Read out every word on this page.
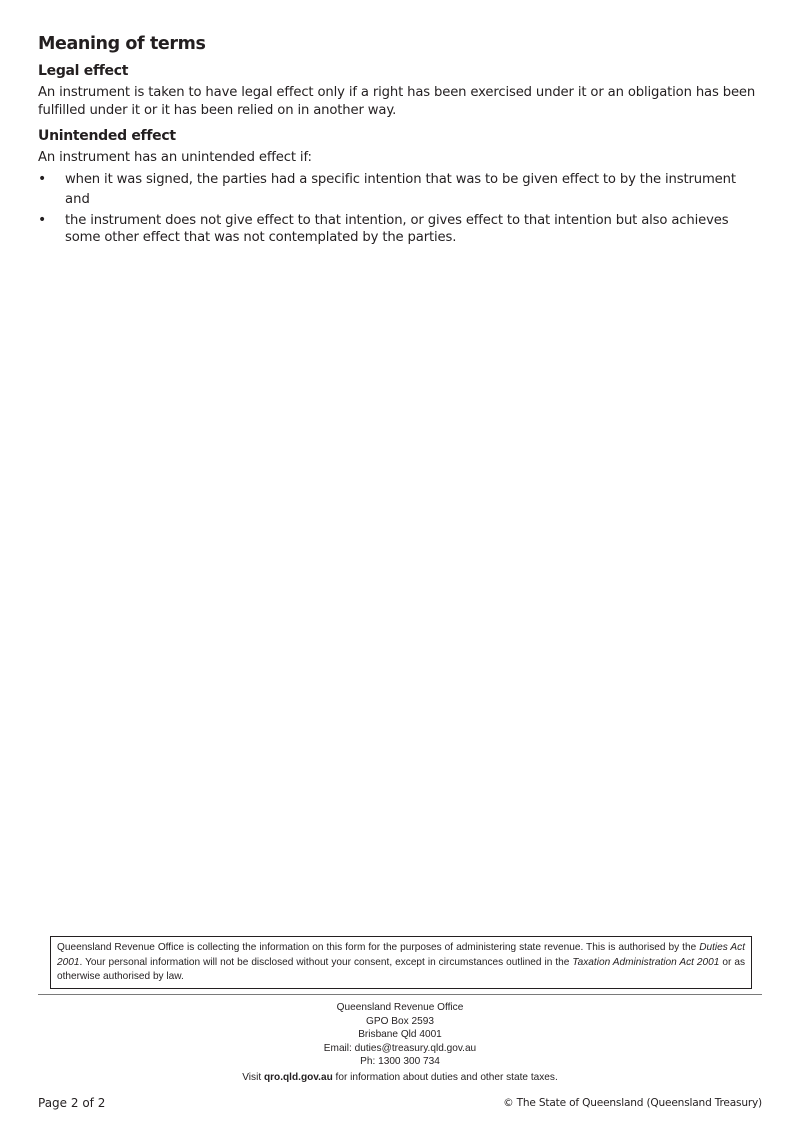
Meaning of terms
Legal effect

An instrument is taken to have legal effect only if a right has been exercised under it or an obligation has been fulfilled under it or it has been relied on in another way.

Unintended effect

An instrument has an unintended effect if:

• when it was signed, the parties had a specific intention that was to be given effect to by the instrument
and
• the instrument does not give effect to that intention, or gives effect to that intention but also achieves some other effect that was not contemplated by the parties.
Queensland Revenue Office is collecting the information on this form for the purposes of administering state revenue. This is authorised by the Duties Act 2001. Your personal information will not be disclosed without your consent, except in circumstances outlined in the Taxation Administration Act 2001 or as otherwise authorised by law.
Queensland Revenue Office
GPO Box 2593
Brisbane Qld 4001
Email: duties@treasury.qld.gov.au
Ph: 1300 300 734
Visit qro.qld.gov.au for information about duties and other state taxes.
Page 2 of 2	© The State of Queensland (Queensland Treasury)
